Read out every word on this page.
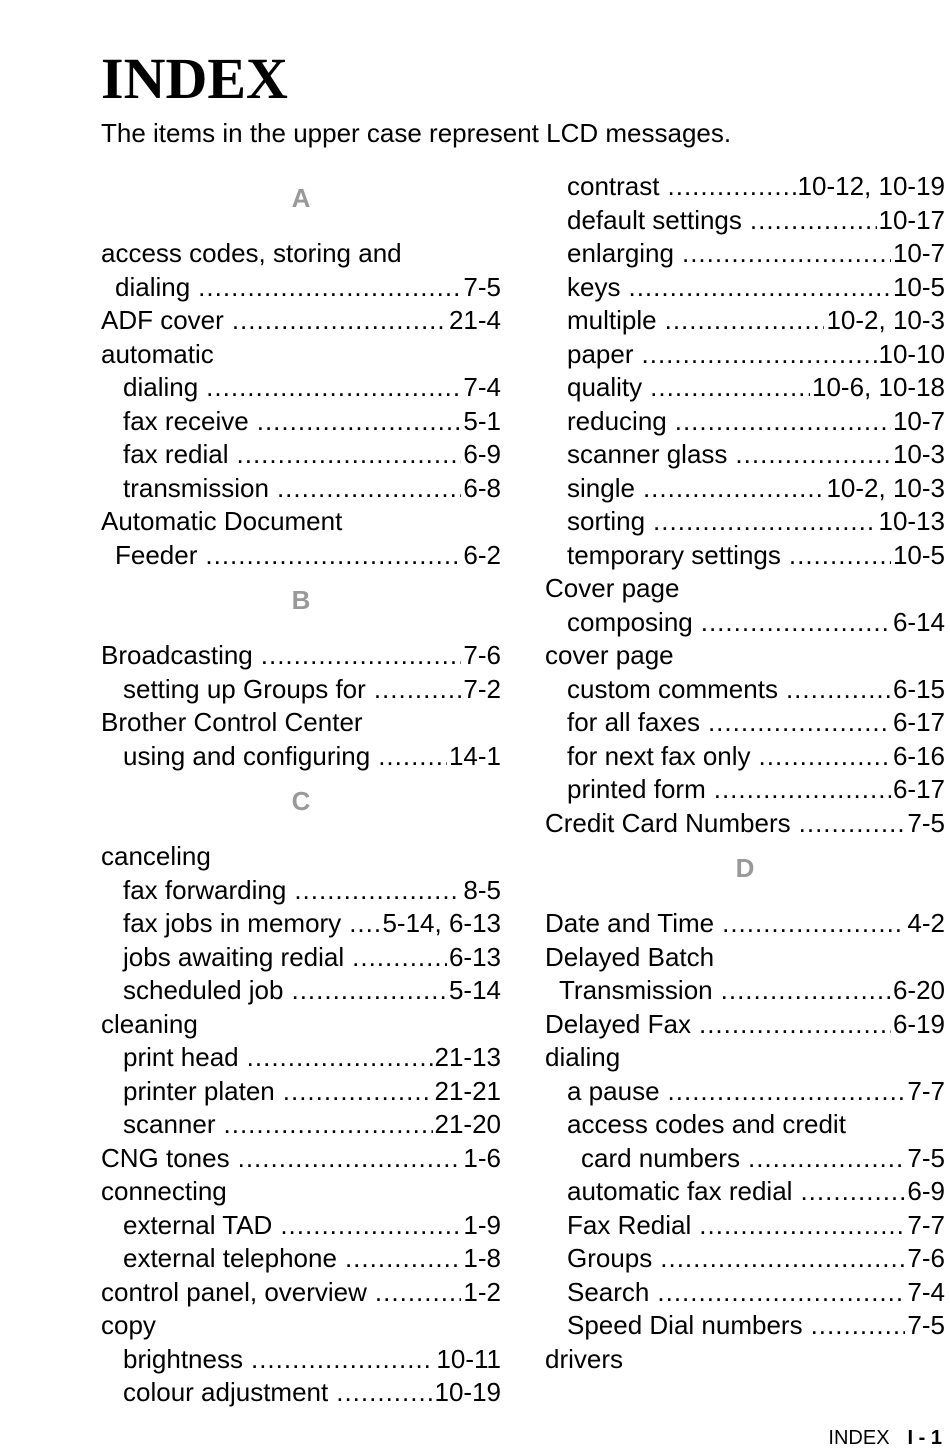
INDEX

The items in the upper case represent LCD messages.

A
access codes, storing and
dialing .....	7-5
ADF cover .....	21-4
automatic
dialing .....	7-4
fax receive .....	5-1
fax redial .....	6-9
transmission .....	6-8
Automatic Document
Feeder .....	6-2
B
Broadcasting .....	7-6
setting up Groups for .....	7-2
Brother Control Center
using and configuring .....	14-1
C
canceling
fax forwarding .....	8-5
fax jobs in memory ..... 5-14, 6-13
jobs awaiting redial .....	6-13
scheduled job .....	5-14
cleaning
print head .....	21-13
printer platen .....	21-21
scanner .....	21-20
CNG tones .....	1-6
connecting
external TAD .....	1-9
external telephone .....	1-8
control panel, overview .....	1-2
copy
brightness .....	10-11
colour adjustment .....	10-19
contrast .....	10-12, 10-19
default settings .....	10-17
enlarging .....	10-7
keys .....	10-5
multiple .....	10-2, 10-3
paper .....	10-10
quality .....	10-6, 10-18
reducing .....	10-7
scanner glass .....	10-3
single .....	10-2, 10-3
sorting .....	10-13
temporary settings .....	10-5
Cover page
composing .....	6-14
cover page
custom comments .....	6-15
for all faxes .....	6-17
for next fax only .....	6-16
printed form .....	6-17
Credit Card Numbers .....	7-5
D
Date and Time .....	4-2
Delayed Batch
Transmission .....	6-20
Delayed Fax .....	6-19
dialing
a pause .....	7-7
access codes and credit
card numbers .....	7-5
automatic fax redial .....	6-9
Fax Redial .....	7-7
Groups .....	7-6
Search .....	7-4
Speed Dial numbers .....	7-5
drivers
INDEX I - 1
